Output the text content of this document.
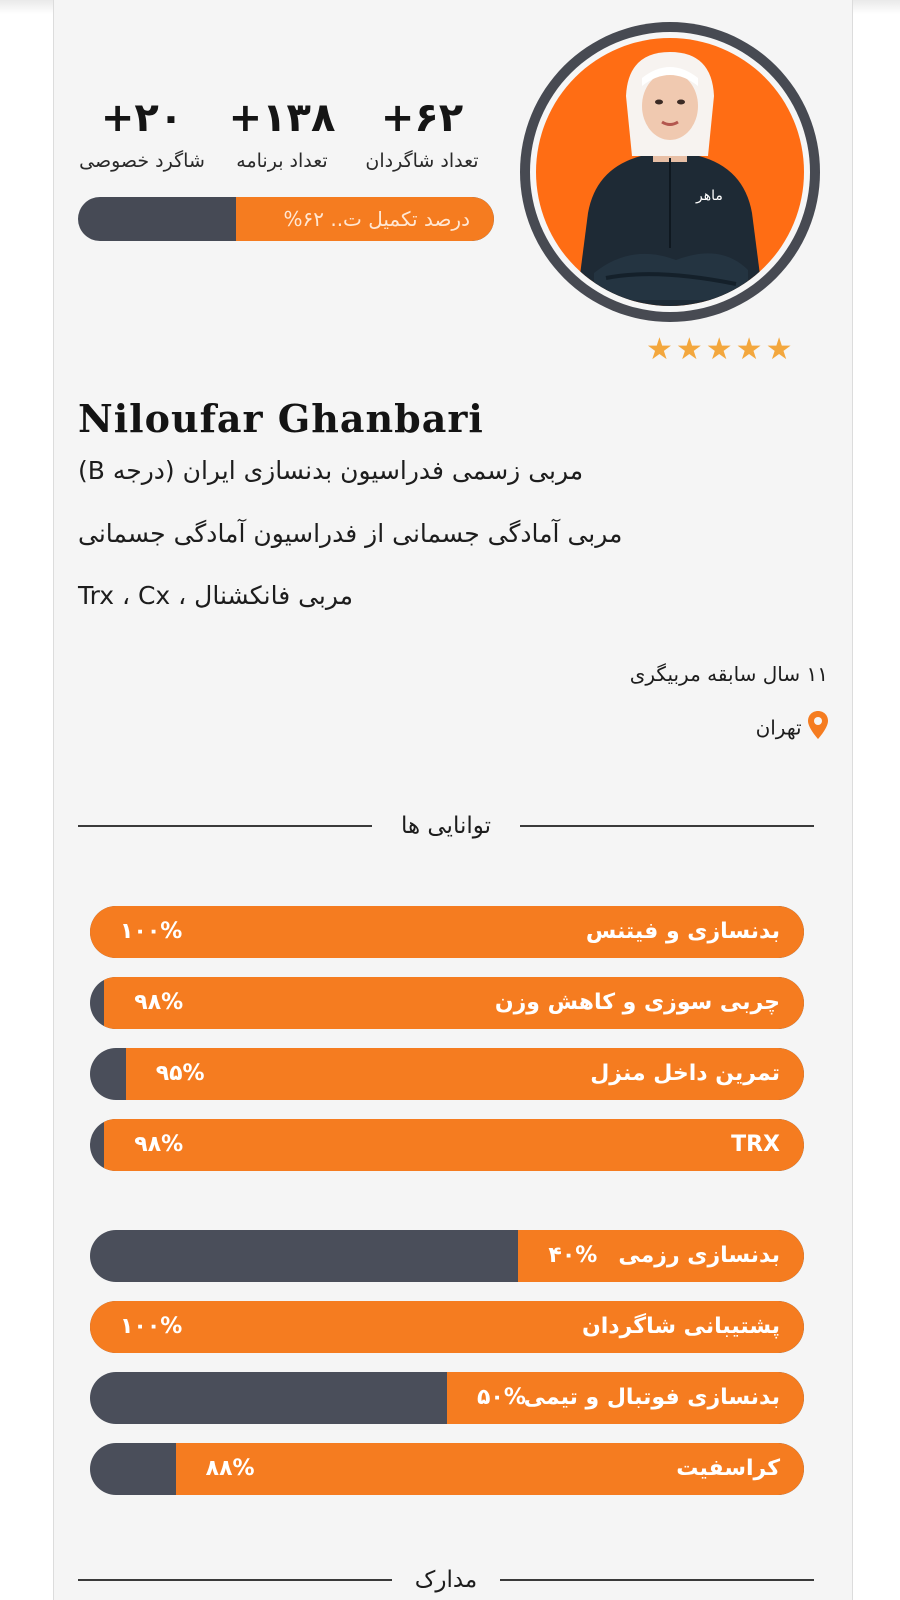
+۶۲
تعداد شاگردان
+۱۳۸
تعداد برنامه
+۲۰
شاگرد خصوصی
درصد تکمیل ت.. ۶۲%
ماهر
★★★★★
Niloufar Ghanbari
مربی زسمی فدراسیون بدنسازی ایران (درجه B)
مربی آمادگی جسمانی از فدراسیون آمادگی جسمانی
مربی فانکشنال ، Trx ، Cx
۱۱ سال سابقه مربیگری
تهران
توانایی ها
بدنسازی و فیتنس
۱۰۰%
چربی سوزی و کاهش وزن
۹۸%
تمرین داخل منزل
۹۵%
TRX
۹۸%
بدنسازی رزمی
۴۰%
پشتیبانی شاگردان
۱۰۰%
بدنسازی فوتبال و تیمی
۵۰%
کراسفیت
۸۸%
مدارک
